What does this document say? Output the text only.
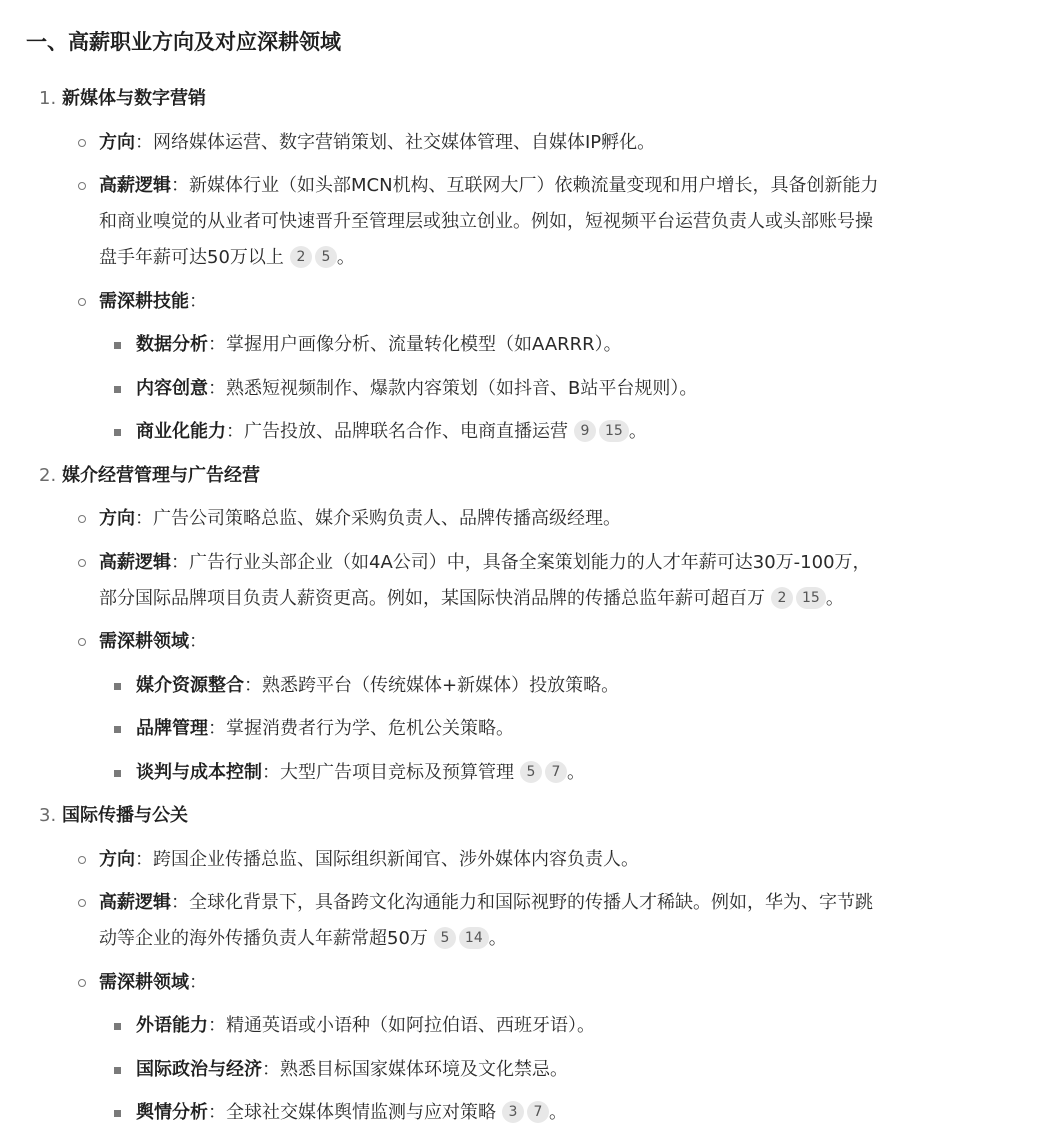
一、高薪职业方向及对应深耕领域
1. 新媒体与数字营销
方向：网络媒体运营、数字营销策划、社交媒体管理、自媒体IP孵化。
高薪逻辑：新媒体行业（如头部MCN机构、互联网大厂）依赖流量变现和用户增长，具备创新能力
和商业嗅觉的从业者可快速晋升至管理层或独立创业。例如，短视频平台运营负责人或头部账号操
盘手年薪可达50万以上 2 5 。
需深耕技能：
数据分析：掌握用户画像分析、流量转化模型（如AARRR）。
内容创意：熟悉短视频制作、爆款内容策划（如抖音、B站平台规则）。
商业化能力：广告投放、品牌联名合作、电商直播运营 9 15 。
2. 媒介经营管理与广告经营
方向：广告公司策略总监、媒介采购负责人、品牌传播高级经理。
高薪逻辑：广告行业头部企业（如4A公司）中，具备全案策划能力的人才年薪可达30万-100万，
部分国际品牌项目负责人薪资更高。例如，某国际快消品牌的传播总监年薪可超百万 2 15 。
需深耕领域：
媒介资源整合：熟悉跨平台（传统媒体+新媒体）投放策略。
品牌管理：掌握消费者行为学、危机公关策略。
谈判与成本控制：大型广告项目竞标及预算管理 5 7 。
3. 国际传播与公关
方向：跨国企业传播总监、国际组织新闻官、涉外媒体内容负责人。
高薪逻辑：全球化背景下，具备跨文化沟通能力和国际视野的传播人才稀缺。例如，华为、字节跳
动等企业的海外传播负责人年薪常超50万 5 14 。
需深耕领域：
外语能力：精通英语或小语种（如阿拉伯语、西班牙语）。
国际政治与经济：熟悉目标国家媒体环境及文化禁忌。
舆情分析：全球社交媒体舆情监测与应对策略 3 7 。
